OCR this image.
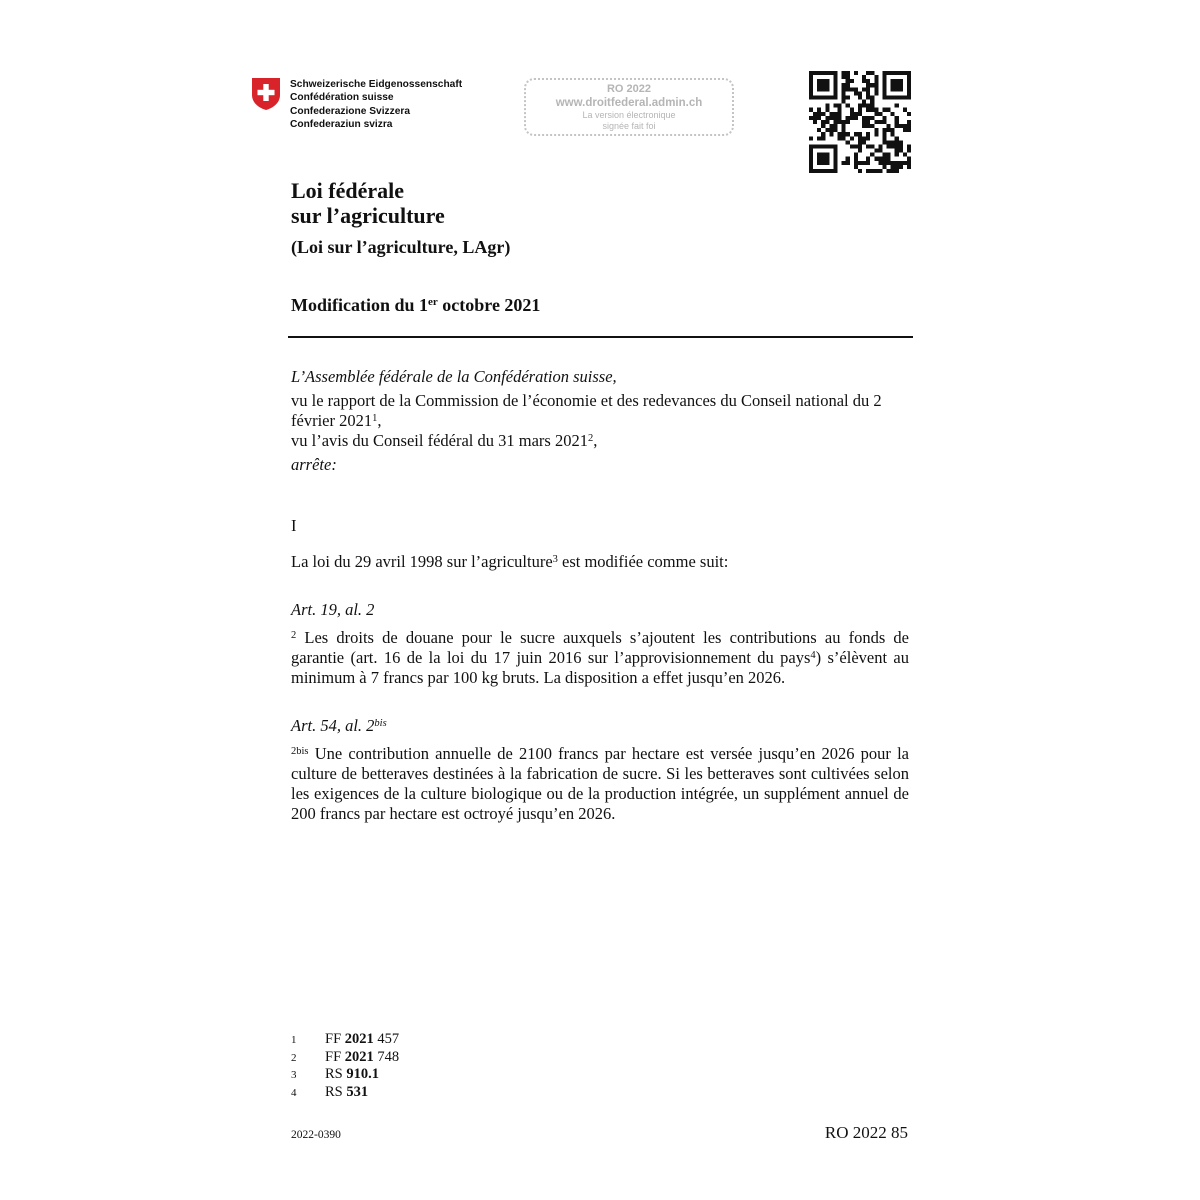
Schweizerische Eidgenossenschaft
Confédération suisse
Confederazione Svizzera
Confederaziun svizra
RO 2022
www.droitfederal.admin.ch
La version électronique
signée fait foi
Loi fédérale
sur l’agriculture
(Loi sur l’agriculture, LAgr)
Modification du 1er octobre 2021
L’Assemblée fédérale de la Confédération suisse,
vu le rapport de la Commission de l’économie et des redevances du Conseil national du 2 février 2021$^1$,
vu l’avis du Conseil fédéral du 31 mars 2021$^2$,
arrête:
I
La loi du 29 avril 1998 sur l’agriculture$^3$ est modifiée comme suit:
Art. 19, al. 2
$^2$ Les droits de douane pour le sucre auxquels s’ajoutent les contributions au fonds de garantie (art. 16 de la loi du 17 juin 2016 sur l’approvisionnement du pays$^4$) s’élèvent au minimum à 7 francs par 100 kg bruts. La disposition a effet jusqu’en 2026.
Art. 54, al. $2^{bis}$
$^{2bis}$ Une contribution annuelle de 2100 francs par hectare est versée jusqu’en 2026 pour la culture de betteraves destinées à la fabrication de sucre. Si les betteraves sont cultivées selon les exigences de la culture biologique ou de la production intégrée, un supplément annuel de 200 francs par hectare est octroyé jusqu’en 2026.
1	FF 2021 457
2	FF 2021 748
3	RS 910.1
4	RS 531
2022-0390	RO 2022 85
